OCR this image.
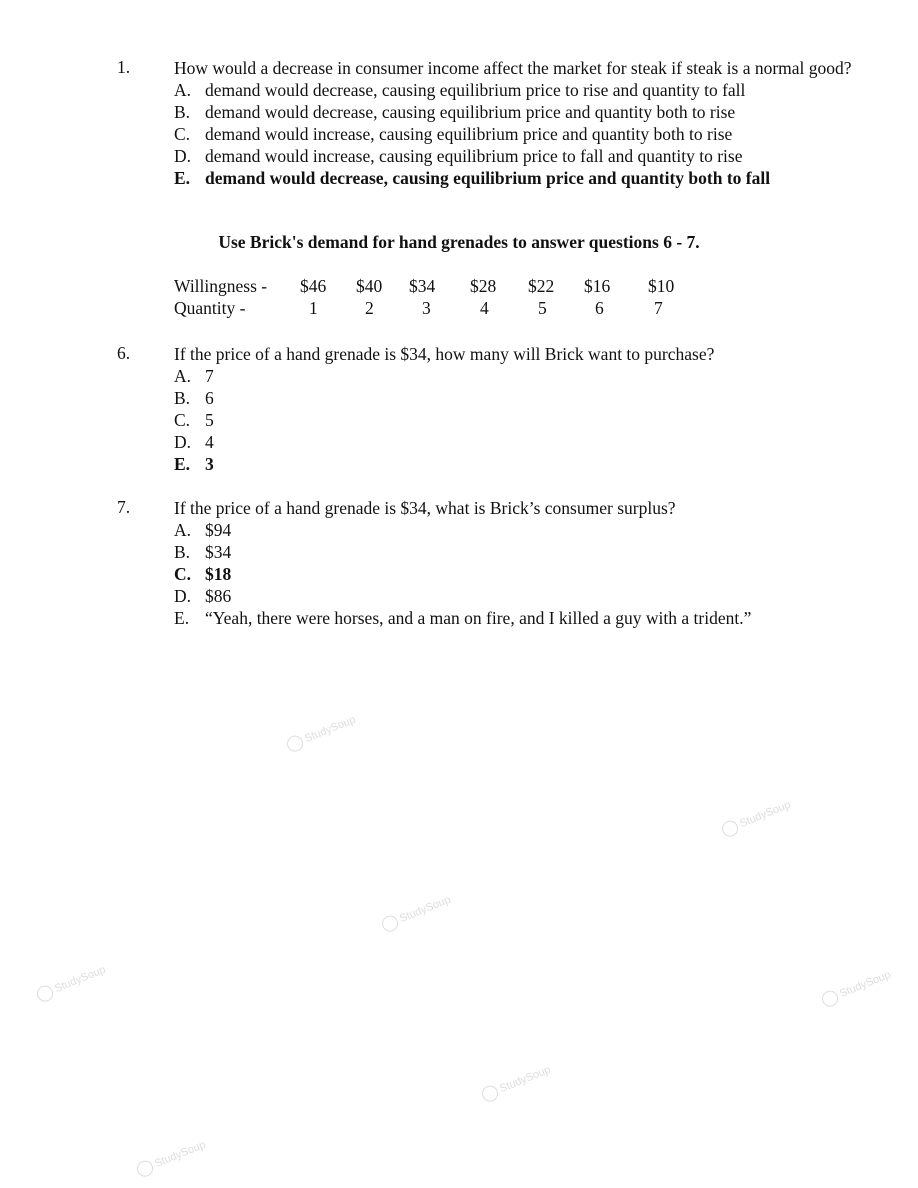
1.	How would a decrease in consumer income affect the market for steak if steak is a normal good?

A. demand would decrease, causing equilibrium price to rise and quantity to fall
B. demand would decrease, causing equilibrium price and quantity both to rise
C. demand would increase, causing equilibrium price and quantity both to rise
D. demand would increase, causing equilibrium price to fall and quantity to rise
E. demand would decrease, causing equilibrium price and quantity both to fall
Use Brick's demand for hand grenades to answer questions 6 - 7.
Willingness - $46 $40 $34 $28 $22 $16 $10
Quantity -	1	2	3	4	5	6	7
6.	If the price of a hand grenade is $34, how many will Brick want to purchase?

A. 7
B. 6
C. 5
D. 4
E. 3
7.	If the price of a hand grenade is $34, what is Brick’s consumer surplus?

A. $94
B. $34
C. $18
D. $86
E. “Yeah, there were horses, and a man on fire, and I killed a guy with a trident.”
StudySoup
StudySoup
StudySoup
StudySoup	StudySoup
StudySoup
StudySoup
